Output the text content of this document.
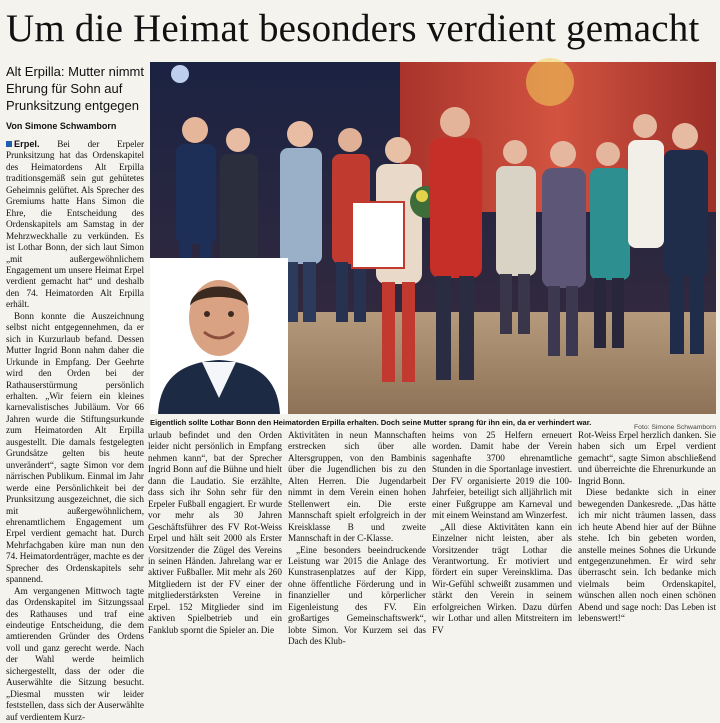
Um die Heimat besonders verdient gemacht
Alt Erpilla: Mutter nimmt Ehrung für Sohn auf Prunksitzung entgegen
Von Simone Schwamborn

Erpel. Bei der Erpeler Prunksitzung hat das Ordenskapitel des Heimatordens Alt Erpilla traditionsgemäß sein gut gehütetes Geheimnis gelüftet. Als Sprecher des Gremiums hatte Hans Simon die Ehre, die Entscheidung des Ordenskapitels am Samstag in der Mehrzweckhalle zu verkünden. Es ist Lothar Bonn, der sich laut Simon „mit außergewöhnlichem Engagement um unsere Heimat Erpel verdient gemacht hat“ und deshalb den 74. Heimatorden Alt Erpilla erhält.

Bonn konnte die Auszeichnung selbst nicht entgegennehmen, da er sich in Kurzurlaub befand. Dessen Mutter Ingrid Bonn nahm daher die Urkunde in Empfang. Der Geehrte wird den Orden bei der Rathauserstürmung persönlich erhalten. „Wir feiern ein kleines karnevalistisches Jubiläum. Vor 66 Jahren wurde die Stiftungsurkunde zum Heimatorden Alt Erpilla ausgestellt. Die damals festgelegten Grundsätze gelten bis heute unverändert“, sagte Simon vor dem närrischen Publikum. Einmal im Jahr werde eine Persönlichkeit bei der Prunksitzung ausgezeichnet, die sich mit außergewöhnlichem, ehrenamtlichem Engagement um Erpel verdient gemacht hat. Durch Mehrfachgaben küre man nun den 74. Heimatordenträger, machte es der Sprecher des Ordenskapitels sehr spannend.

Am vergangenen Mittwoch tagte das Ordenskapitel im Sitzungssaal des Rathauses und traf eine eindeutige Entscheidung, die dem amtierenden Gründer des Ordens voll und ganz gerecht werde. Nach der Wahl werde heimlich sichergestellt, dass der oder die Auserwählte die Sitzung besucht. „Diesmal mussten wir leider feststellen, dass sich der Auserwählte auf verdientem Kurz-

Eigentlich sollte Lothar Bonn den Heimatorden Erpilla erhalten. Doch seine Mutter sprang für ihn ein, da er verhindert war.
Foto: Simone Schwamborn

urlaub befindet und den Orden leider nicht persönlich in Empfang nehmen kann“, bat der Sprecher Ingrid Bonn auf die Bühne und hielt dann die Laudatio. Sie erzählte, dass sich ihr Sohn sehr für den Erpeler Fußball engagiert. Er wurde vor mehr als 30 Jahren Geschäftsführer des FV Rot-Weiss Erpel und hält seit 2000 als Erster Vorsitzender die Zügel des Vereins in seinen Händen. Jahrelang war er aktiver Fußballer. Mit mehr als 260 Mitgliedern ist der FV einer der mitgliederstärksten Vereine in Erpel. 152 Mitglieder sind im aktiven Spielbetrieb und ein Fanklub spornt die Spieler an. Die

Aktivitäten in neun Mannschaften erstrecken sich über alle Altersgruppen, von den Bambinis über die Jugendlichen bis zu den Alten Herren. Die Jugendarbeit nimmt in dem Verein einen hohen Stellenwert ein. Die erste Mannschaft spielt erfolgreich in der Kreisklasse B und zweite Mannschaft in der C-Klasse.

„Eine besonders beeindruckende Leistung war 2015 die Anlage des Kunstrasenplatzes auf der Kipp, ohne öffentliche Förderung und in finanzieller und körperlicher Eigenleistung des FV. Ein großartiges Gemeinschaftswerk“, lobte Simon. Vor Kurzem sei das Dach des Klub-

heims von 25 Helfern erneuert worden. Damit habe der Verein sagenhafte 3700 ehrenamtliche Stunden in die Sportanlage investiert. Der FV organisierte 2019 die 100-Jahrfeier, beteiligt sich alljährlich mit einer Fußgruppe am Karneval und mit einem Weinstand am Winzerfest.

„All diese Aktivitäten kann ein Einzelner nicht leisten, aber als Vorsitzender trägt Lothar die Verantwortung. Er motiviert und fördert ein super Vereinsklima. Das Wir-Gefühl schweißt zusammen und stärkt den Verein in seinem erfolgreichen Wirken. Dazu dürfen wir Lothar und allen Mitstreitern im FV

Rot-Weiss Erpel herzlich danken. Sie haben sich um Erpel verdient gemacht“, sagte Simon abschließend und überreichte die Ehrenurkunde an Ingrid Bonn.

Diese bedankte sich in einer bewegenden Dankesrede. „Das hätte ich mir nicht träumen lassen, dass ich heute Abend hier auf der Bühne stehe. Ich bin gebeten worden, anstelle meines Sohnes die Urkunde entgegenzunehmen. Er wird sehr überrascht sein. Ich bedanke mich vielmals beim Ordenskapitel, wünschen allen noch einen schönen Abend und sage noch: Das Leben ist lebenswert!“
